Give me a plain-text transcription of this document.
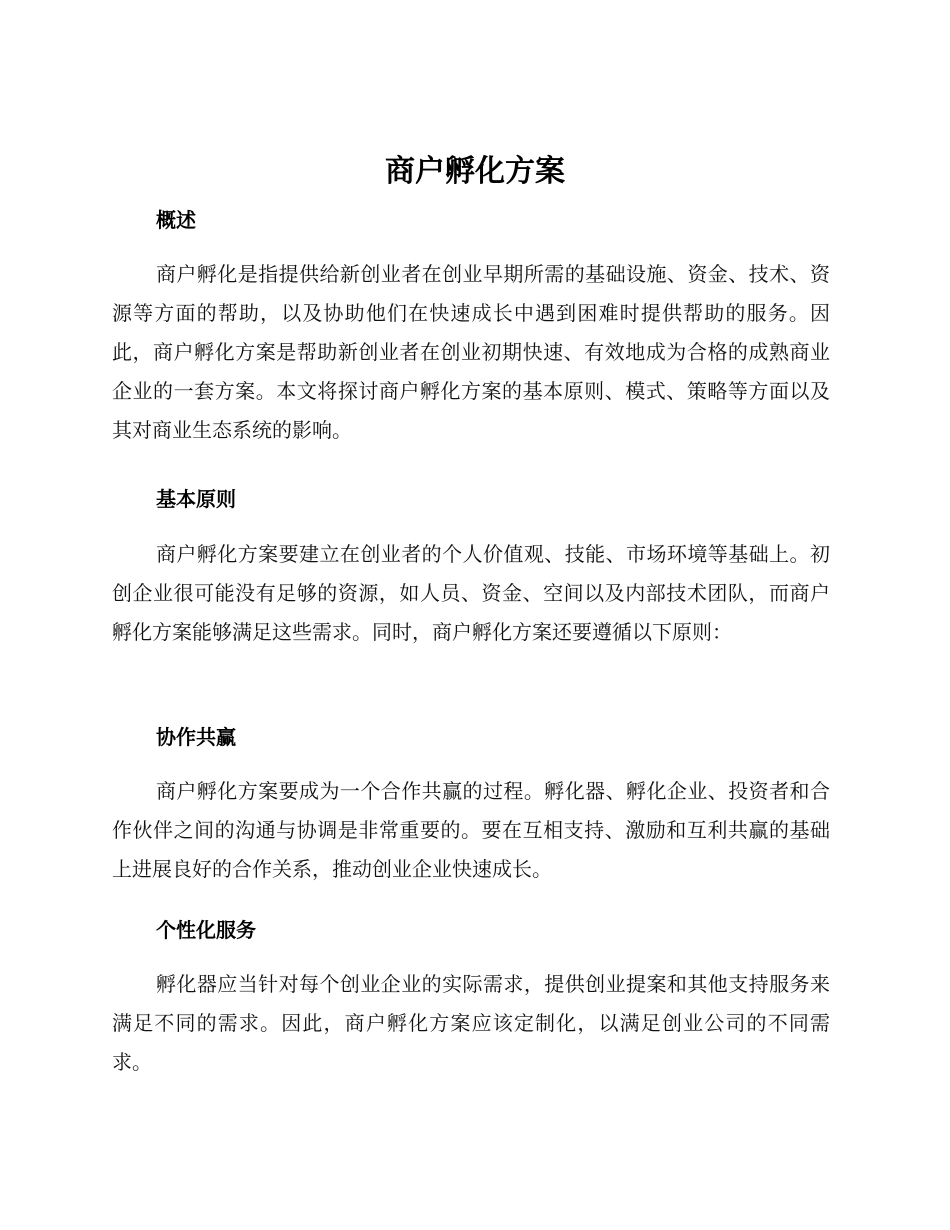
商户孵化方案
概述

商户孵化是指提供给新创业者在创业早期所需的基础设施、资金、技术、资源等方面的帮助，以及协助他们在快速成长中遇到困难时提供帮助的服务。因此，商户孵化方案是帮助新创业者在创业初期快速、有效地成为合格的成熟商业企业的一套方案。本文将探讨商户孵化方案的基本原则、模式、策略等方面以及其对商业生态系统的影响。

基本原则

商户孵化方案要建立在创业者的个人价值观、技能、市场环境等基础上。初创企业很可能没有足够的资源，如人员、资金、空间以及内部技术团队，而商户孵化方案能够满足这些需求。同时，商户孵化方案还要遵循以下原则：

协作共赢

商户孵化方案要成为一个合作共赢的过程。孵化器、孵化企业、投资者和合作伙伴之间的沟通与协调是非常重要的。要在互相支持、激励和互利共赢的基础上进展良好的合作关系，推动创业企业快速成长。

个性化服务

孵化器应当针对每个创业企业的实际需求，提供创业提案和其他支持服务来满足不同的需求。因此，商户孵化方案应该定制化，以满足创业公司的不同需求。
